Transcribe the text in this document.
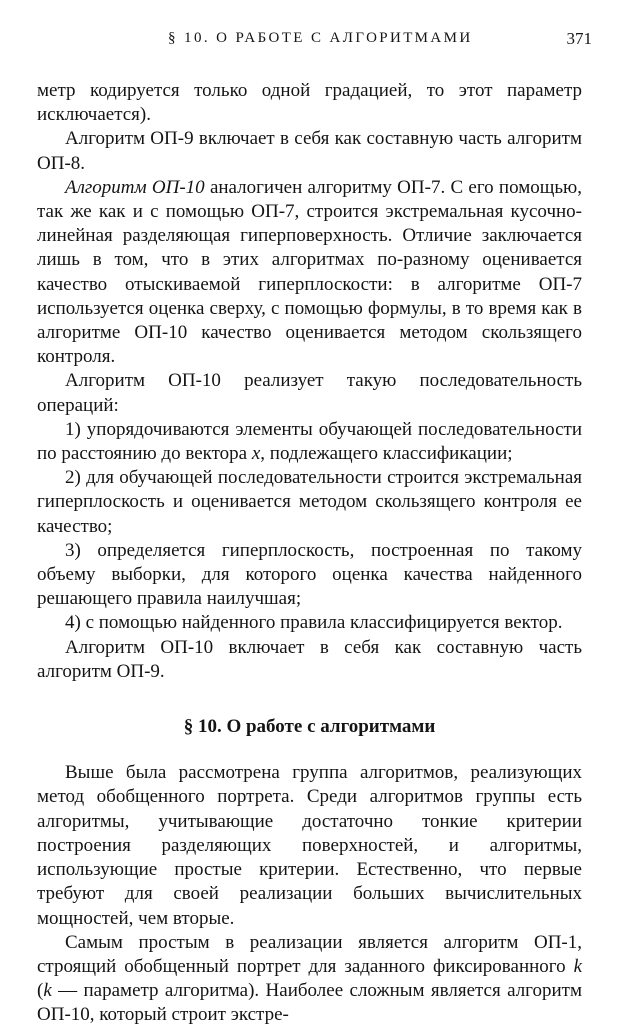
§ 10. О РАБОТЕ С АЛГОРИТМАМИ	371

метр кодируется только одной градацией, то этот параметр исключается).

Алгоритм ОП-9 включает в себя как составную часть алгоритм ОП-8.

Алгоритм ОП-10 аналогичен алгоритму ОП-7. С его помощью, так же как и с помощью ОП-7, строится экстремальная кусочно-линейная разделяющая гиперповерхность. Отличие заключается лишь в том, что в этих алгоритмах по-разному оценивается качество отыскиваемой гиперплоскости: в алгоритме ОП-7 используется оценка сверху, с помощью формулы, в то время как в алгоритме ОП-10 качество оценивается методом скользящего контроля.

Алгоритм ОП-10 реализует такую последовательность операций:

1) упорядочиваются элементы обучающей последовательности по расстоянию до вектора x, подлежащего классификации;

2) для обучающей последовательности строится экстремальная гиперплоскость и оценивается методом скользящего контроля ее качество;

3) определяется гиперплоскость, построенная по такому объему выборки, для которого оценка качества найденного решающего правила наилучшая;

4) с помощью найденного правила классифицируется вектор.

Алгоритм ОП-10 включает в себя как составную часть алгоритм ОП-9.

§ 10. О работе с алгоритмами

Выше была рассмотрена группа алгоритмов, реализующих метод обобщенного портрета. Среди алгоритмов группы есть алгоритмы, учитывающие достаточно тонкие критерии построения разделяющих поверхностей, и алгоритмы, использующие простые критерии. Естественно, что первые требуют для своей реализации больших вычислительных мощностей, чем вторые.

Самым простым в реализации является алгоритм ОП-1, строящий обобщенный портрет для заданного фиксированного k (k — параметр алгоритма). Наиболее сложным является алгоритм ОП-10, который строит экстре-
